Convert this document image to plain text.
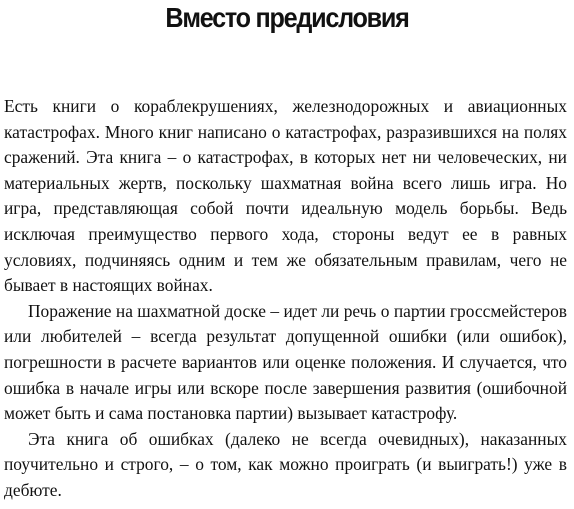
Вместо предисловия

Есть книги о кораблекрушениях, железнодорожных и авиационных катастрофах. Много книг написано о катастрофах, разразившихся на полях сражений. Эта книга – о катастрофах, в которых нет ни человеческих, ни материальных жертв, поскольку шахматная война всего лишь игра. Но игра, представляющая собой почти идеальную модель борьбы. Ведь исключая преимущество первого хода, стороны ведут ее в равных условиях, подчиняясь одним и тем же обязательным правилам, чего не бывает в настоящих войнах.

Поражение на шахматной доске – идет ли речь о партии гроссмейстеров или любителей – всегда результат допущенной ошибки (или ошибок), погрешности в расчете вариантов или оценке положения. И случается, что ошибка в начале игры или вскоре после завершения развития (ошибочной может быть и сама постановка партии) вызывает катастрофу.

Эта книга об ошибках (далеко не всегда очевидных), наказанных поучительно и строго, – о том, как можно проиграть (и выиграть!) уже в дебюте.
